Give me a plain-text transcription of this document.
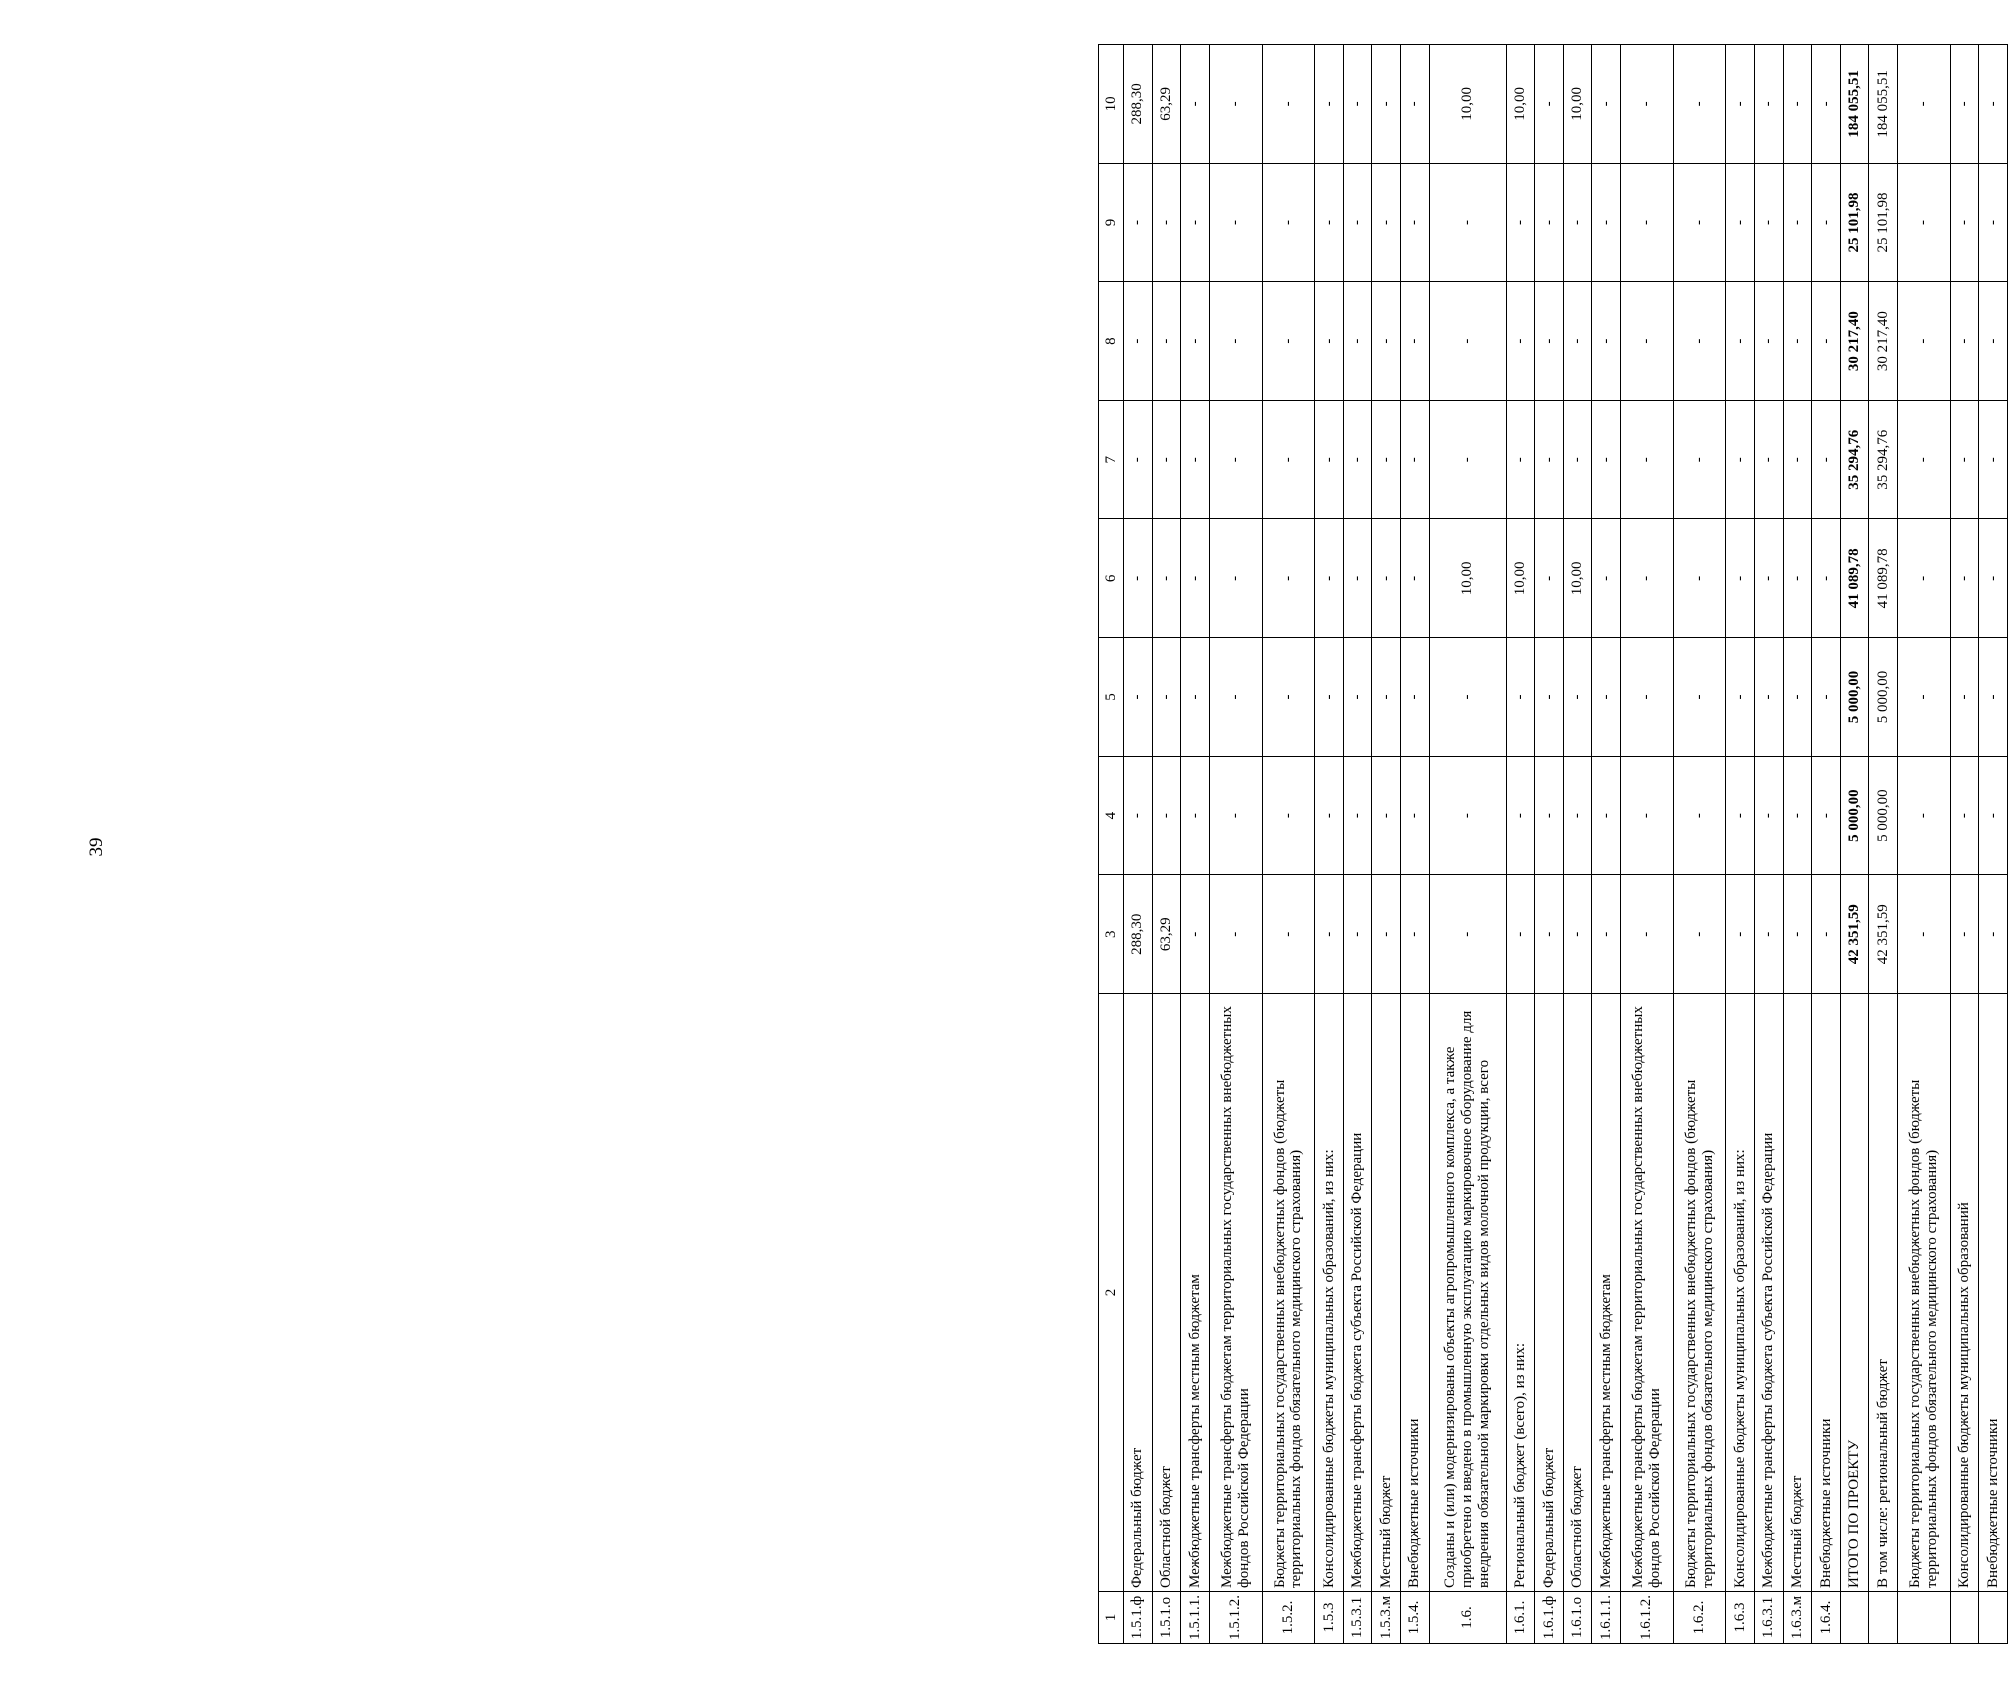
39
1	2	3	4	5	6	7	8	9	10
1.5.1.ф	Федеральный бюджет	288,30	-	-	-	-	-	-	288,30
1.5.1.о	Областной бюджет	63,29	-	-	-	-	-	-	63,29
1.5.1.1.	Межбюджетные трансферты местным бюджетам	-	-	-	-	-	-	-	-
1.5.1.2.	Межбюджетные трансферты бюджетам территориальных государственных внебюджетных фондов Российской Федерации	-	-	-	-	-	-	-	-
1.5.2.	Бюджеты территориальных государственных внебюджетных фондов (бюджеты территориальных фондов обязательного медицинского страхования)	-	-	-	-	-	-	-	-
1.5.3	Консолидированные бюджеты муниципальных образований, из них:	-	-	-	-	-	-	-	-
1.5.3.1	Межбюджетные трансферты бюджета субъекта Российской Федерации	-	-	-	-	-	-	-	-
1.5.3.м	Местный бюджет	-	-	-	-	-	-	-	-
1.5.4.	Внебюджетные источники	-	-	-	-	-	-	-	-
1.6.	Созданы и (или) модернизированы объекты агропромышленного комплекса, а также приобретено и введено в промышленную эксплуатацию маркировочное оборудование для внедрения обязательной маркировки отдельных видов молочной продукции, всего	-	-	-	10,00	-	-	-	10,00
1.6.1.	Региональный бюджет (всего), из них:	-	-	-	10,00	-	-	-	10,00
1.6.1.ф	Федеральный бюджет	-	-	-	-	-	-	-	-
1.6.1.о	Областной бюджет	-	-	-	10,00	-	-	-	10,00
1.6.1.1.	Межбюджетные трансферты местным бюджетам	-	-	-	-	-	-	-	-
1.6.1.2.	Межбюджетные трансферты бюджетам территориальных государственных внебюджетных фондов Российской Федерации	-	-	-	-	-	-	-	-
1.6.2.	Бюджеты территориальных государственных внебюджетных фондов (бюджеты территориальных фондов обязательного медицинского страхования)	-	-	-	-	-	-	-	-
1.6.3	Консолидированные бюджеты муниципальных образований, из них:	-	-	-	-	-	-	-	-
1.6.3.1	Межбюджетные трансферты бюджета субъекта Российской Федерации	-	-	-	-	-	-	-	-
1.6.3.м	Местный бюджет	-	-	-	-	-	-	-	-
1.6.4.	Внебюджетные источники	-	-	-	-	-	-	-	-
	ИТОГО ПО ПРОЕКТУ	42 351,59	5 000,00	5 000,00	41 089,78	35 294,76	30 217,40	25 101,98	184 055,51
	В том числе: региональный бюджет	42 351,59	5 000,00	5 000,00	41 089,78	35 294,76	30 217,40	25 101,98	184 055,51
	Бюджеты территориальных государственных внебюджетных фондов (бюджеты территориальных фондов обязательного медицинского страхования)	-	-	-	-	-	-	-	-
	Консолидированные бюджеты муниципальных образований	-	-	-	-	-	-	-	-
	Внебюджетные источники	-	-	-	-	-	-	-	-
